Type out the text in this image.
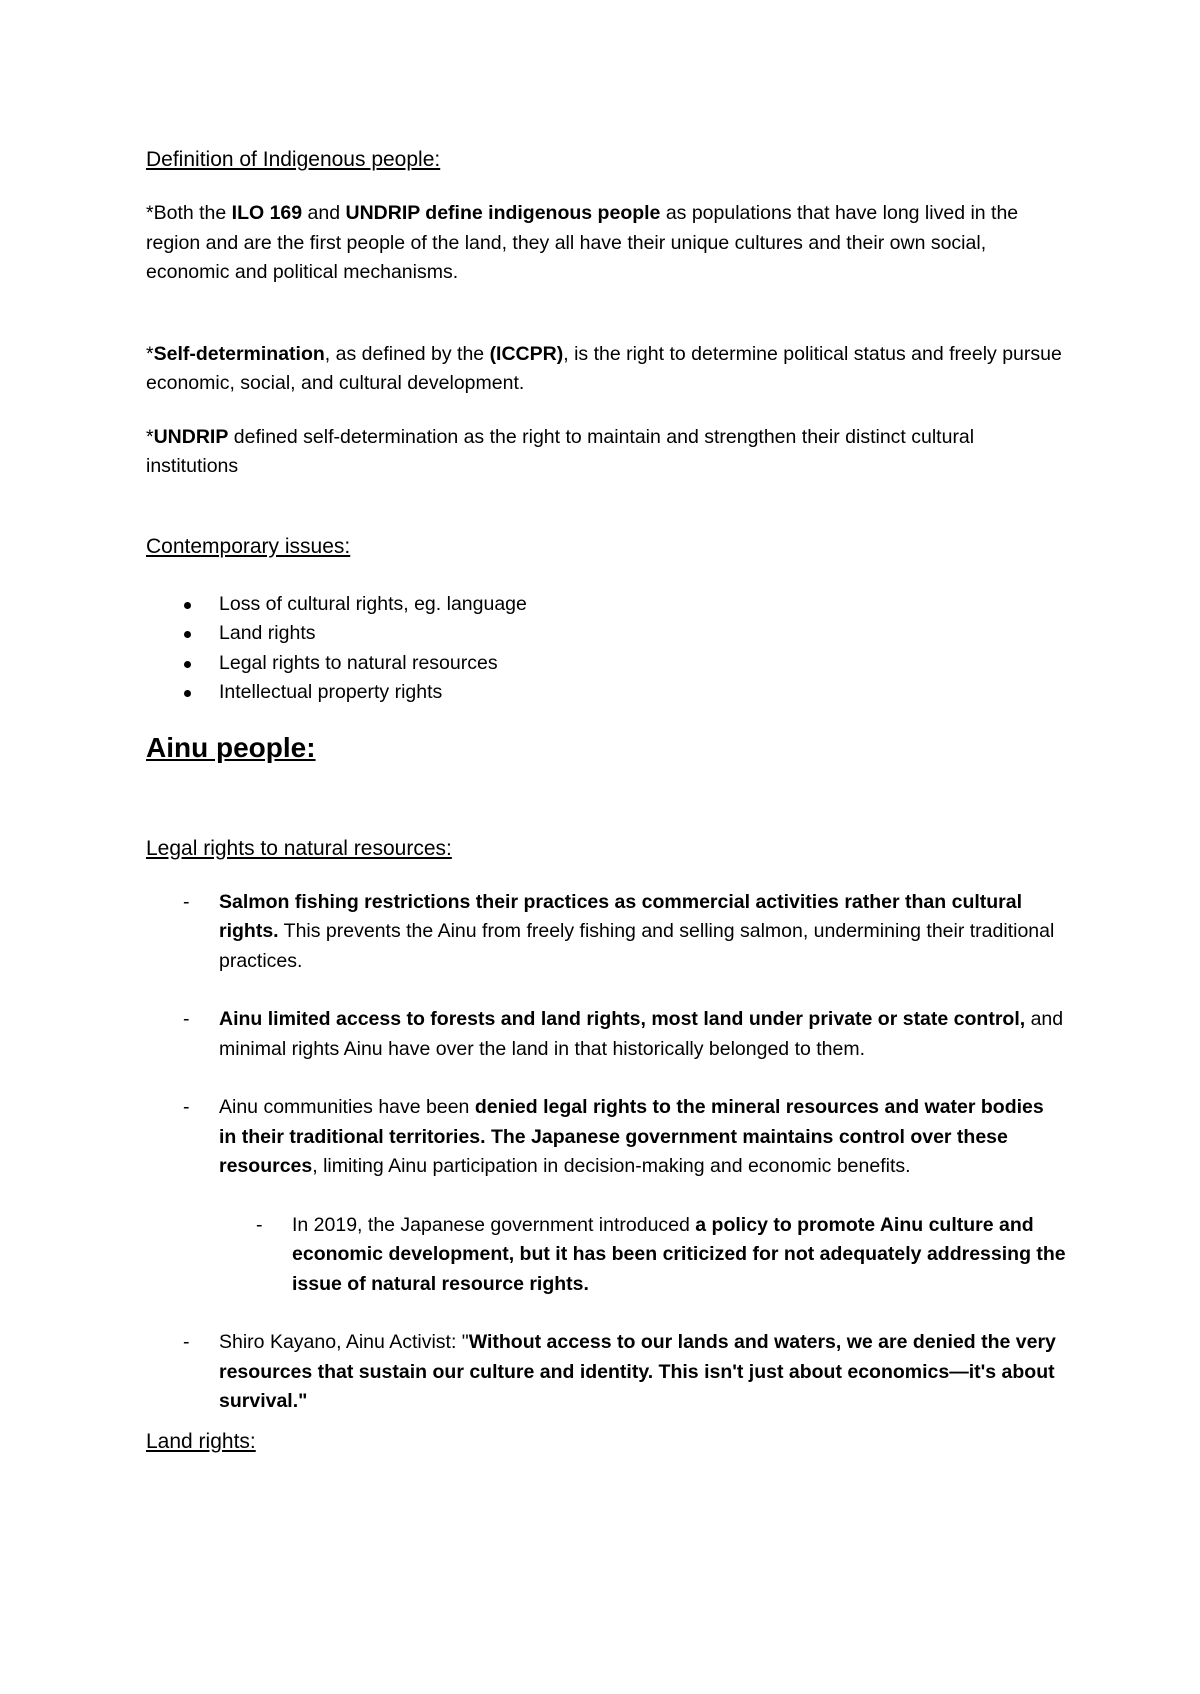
Definition of Indigenous people:

*Both the ILO 169 and UNDRIP define indigenous people as populations that have long lived in the region and are the first people of the land, they all have their unique cultures and their own social, economic and political mechanisms.

*Self-determination, as defined by the (ICCPR), is the right to determine political status and freely pursue economic, social, and cultural development.

*UNDRIP defined self-determination as the right to maintain and strengthen their distinct cultural institutions

Contemporary issues:
Loss of cultural rights, eg. language
Land rights
Legal rights to natural resources
Intellectual property rights
Ainu people:
Legal rights to natural resources:
- Salmon fishing restrictions their practices as commercial activities rather than cultural rights. This prevents the Ainu from freely fishing and selling salmon, undermining their traditional practices.
- Ainu limited access to forests and land rights, most land under private or state control, and minimal rights Ainu have over the land in that historically belonged to them.
- Ainu communities have been denied legal rights to the mineral resources and water bodies in their traditional territories. The Japanese government maintains control over these resources, limiting Ainu participation in decision-making and economic benefits.
- In 2019, the Japanese government introduced a policy to promote Ainu culture and economic development, but it has been criticized for not adequately addressing the issue of natural resource rights.
- Shiro Kayano, Ainu Activist: "Without access to our lands and waters, we are denied the very resources that sustain our culture and identity. This isn't just about economics—it's about survival."
Land rights:
